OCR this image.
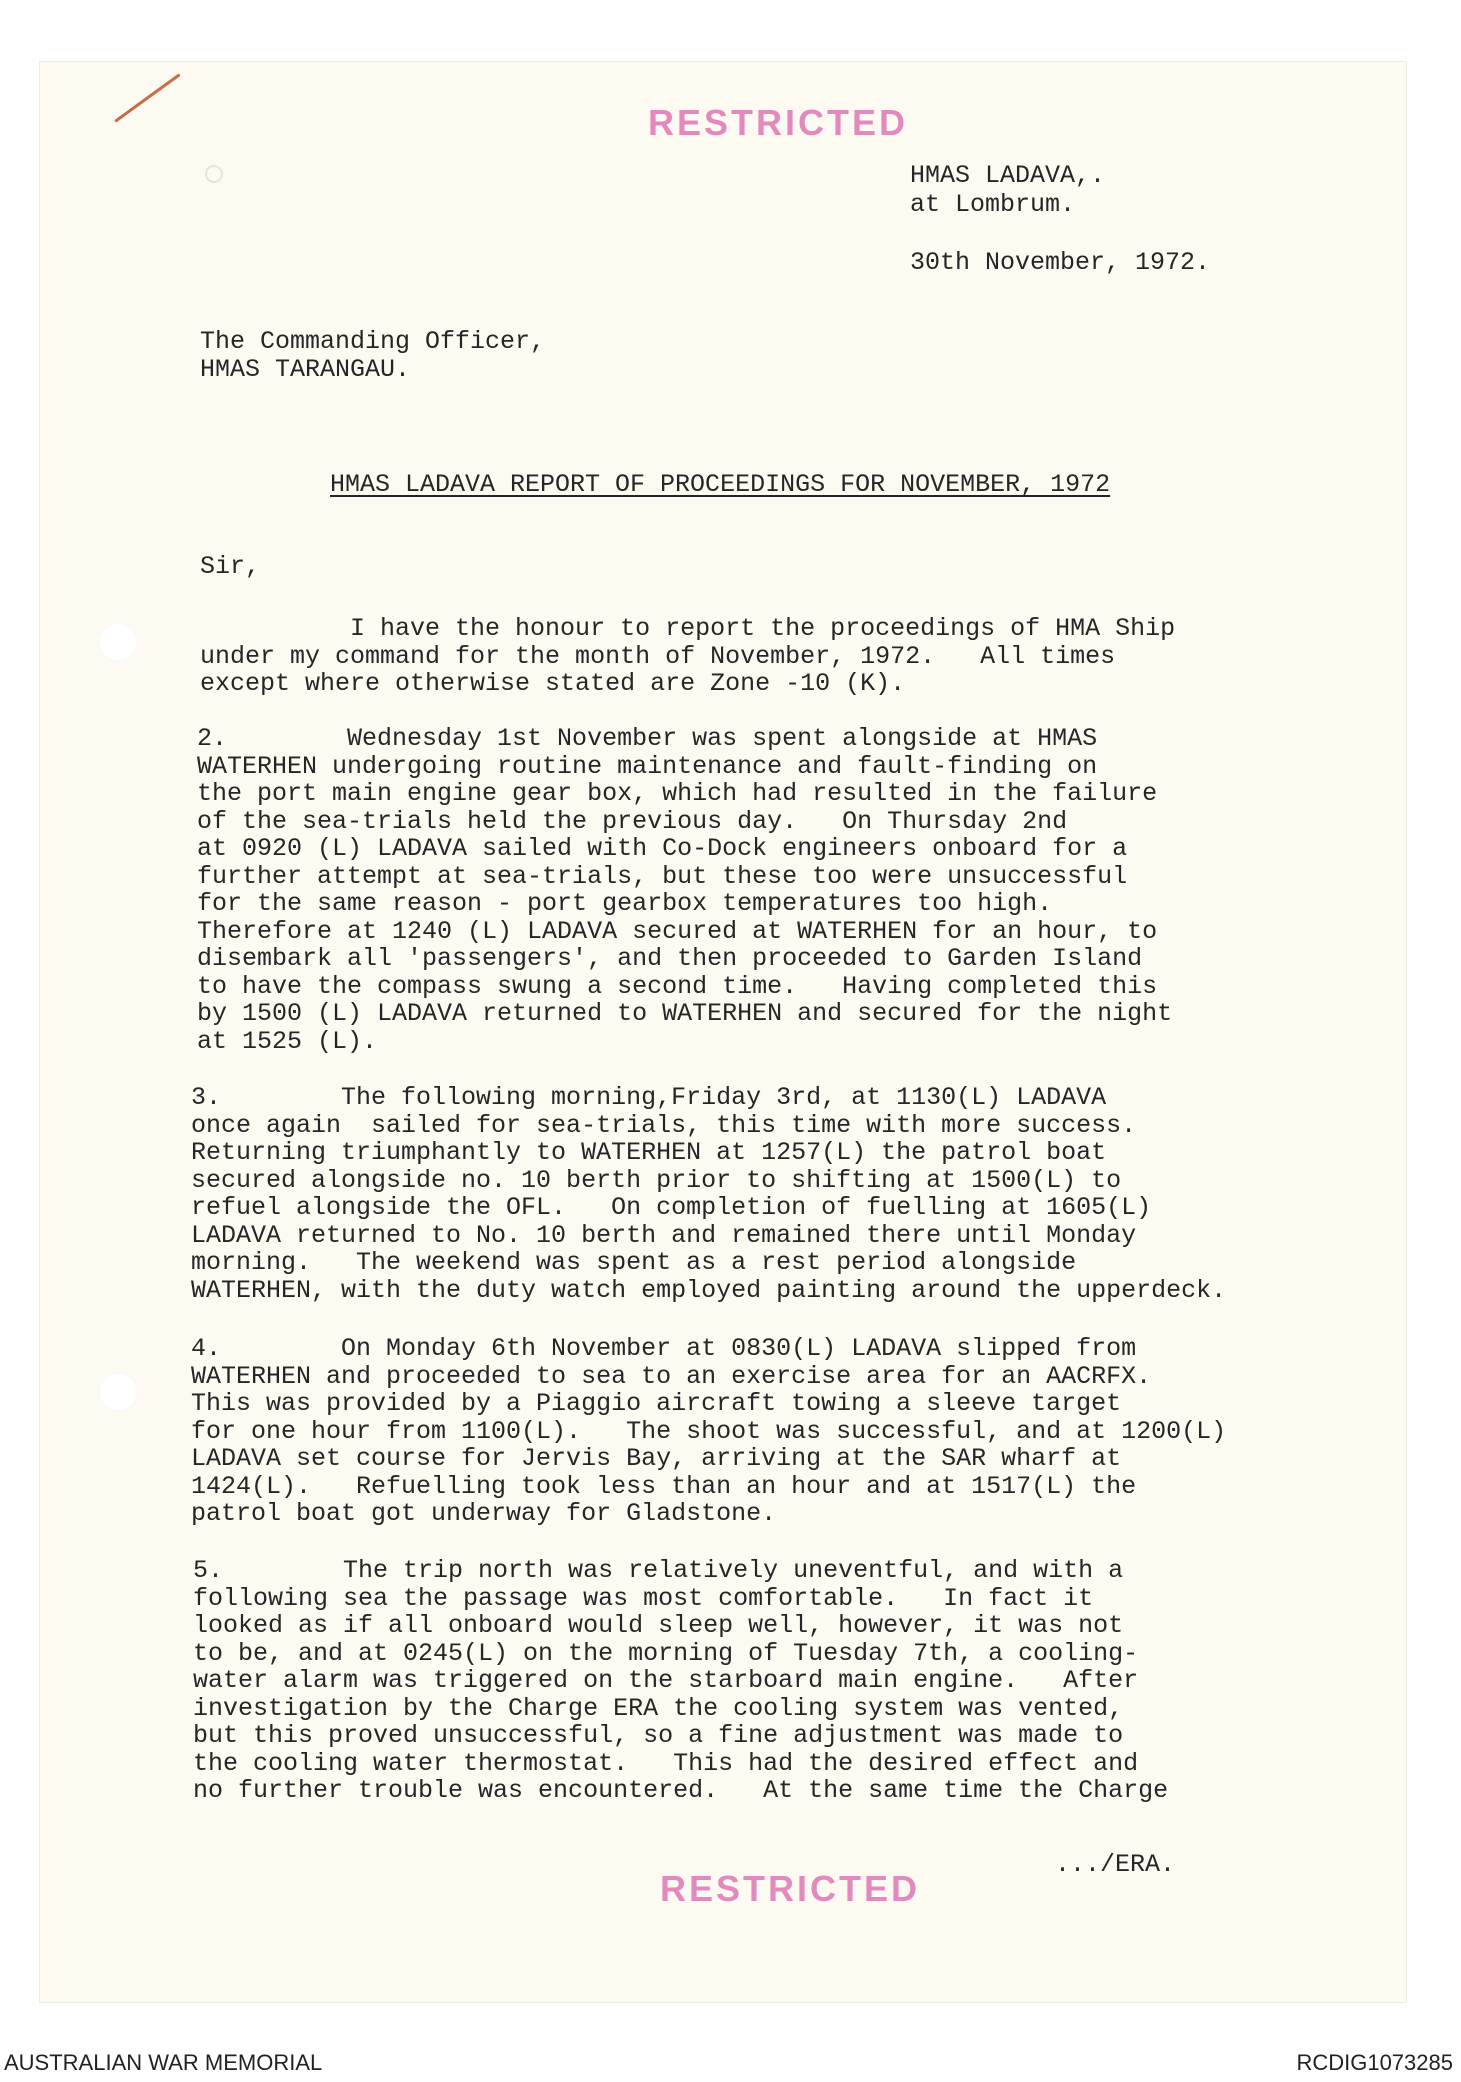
RESTRICTED
HMAS LADAVA,.
at Lombrum.
30th November, 1972.
The Commanding Officer,
HMAS TARANGAU.
HMAS LADAVA REPORT OF PROCEEDINGS FOR NOVEMBER, 1972
Sir,
I have the honour to report the proceedings of HMA Ship
under my command for the month of November, 1972.   All times
except where otherwise stated are Zone -10 (K).
2.        Wednesday 1st November was spent alongside at HMAS
WATERHEN undergoing routine maintenance and fault-finding on
the port main engine gear box, which had resulted in the failure
of the sea-trials held the previous day.   On Thursday 2nd
at 0920 (L) LADAVA sailed with Co-Dock engineers onboard for a
further attempt at sea-trials, but these too were unsuccessful
for the same reason - port gearbox temperatures too high.
Therefore at 1240 (L) LADAVA secured at WATERHEN for an hour, to
disembark all 'passengers', and then proceeded to Garden Island
to have the compass swung a second time.   Having completed this
by 1500 (L) LADAVA returned to WATERHEN and secured for the night
at 1525 (L).
3.        The following morning,Friday 3rd, at 1130(L) LADAVA
once again  sailed for sea-trials, this time with more success.
Returning triumphantly to WATERHEN at 1257(L) the patrol boat
secured alongside no. 10 berth prior to shifting at 1500(L) to
refuel alongside the OFL.   On completion of fuelling at 1605(L)
LADAVA returned to No. 10 berth and remained there until Monday
morning.   The weekend was spent as a rest period alongside
WATERHEN, with the duty watch employed painting around the upperdeck.
4.        On Monday 6th November at 0830(L) LADAVA slipped from
WATERHEN and proceeded to sea to an exercise area for an AACRFX.
This was provided by a Piaggio aircraft towing a sleeve target
for one hour from 1100(L).   The shoot was successful, and at 1200(L)
LADAVA set course for Jervis Bay, arriving at the SAR wharf at
1424(L).   Refuelling took less than an hour and at 1517(L) the
patrol boat got underway for Gladstone.
5.        The trip north was relatively uneventful, and with a
following sea the passage was most comfortable.   In fact it
looked as if all onboard would sleep well, however, it was not
to be, and at 0245(L) on the morning of Tuesday 7th, a cooling-
water alarm was triggered on the starboard main engine.   After
investigation by the Charge ERA the cooling system was vented,
but this proved unsuccessful, so a fine adjustment was made to
the cooling water thermostat.   This had the desired effect and
no further trouble was encountered.   At the same time the Charge
.../ERA.
RESTRICTED
AUSTRALIAN WAR MEMORIAL	RCDIG1073285
